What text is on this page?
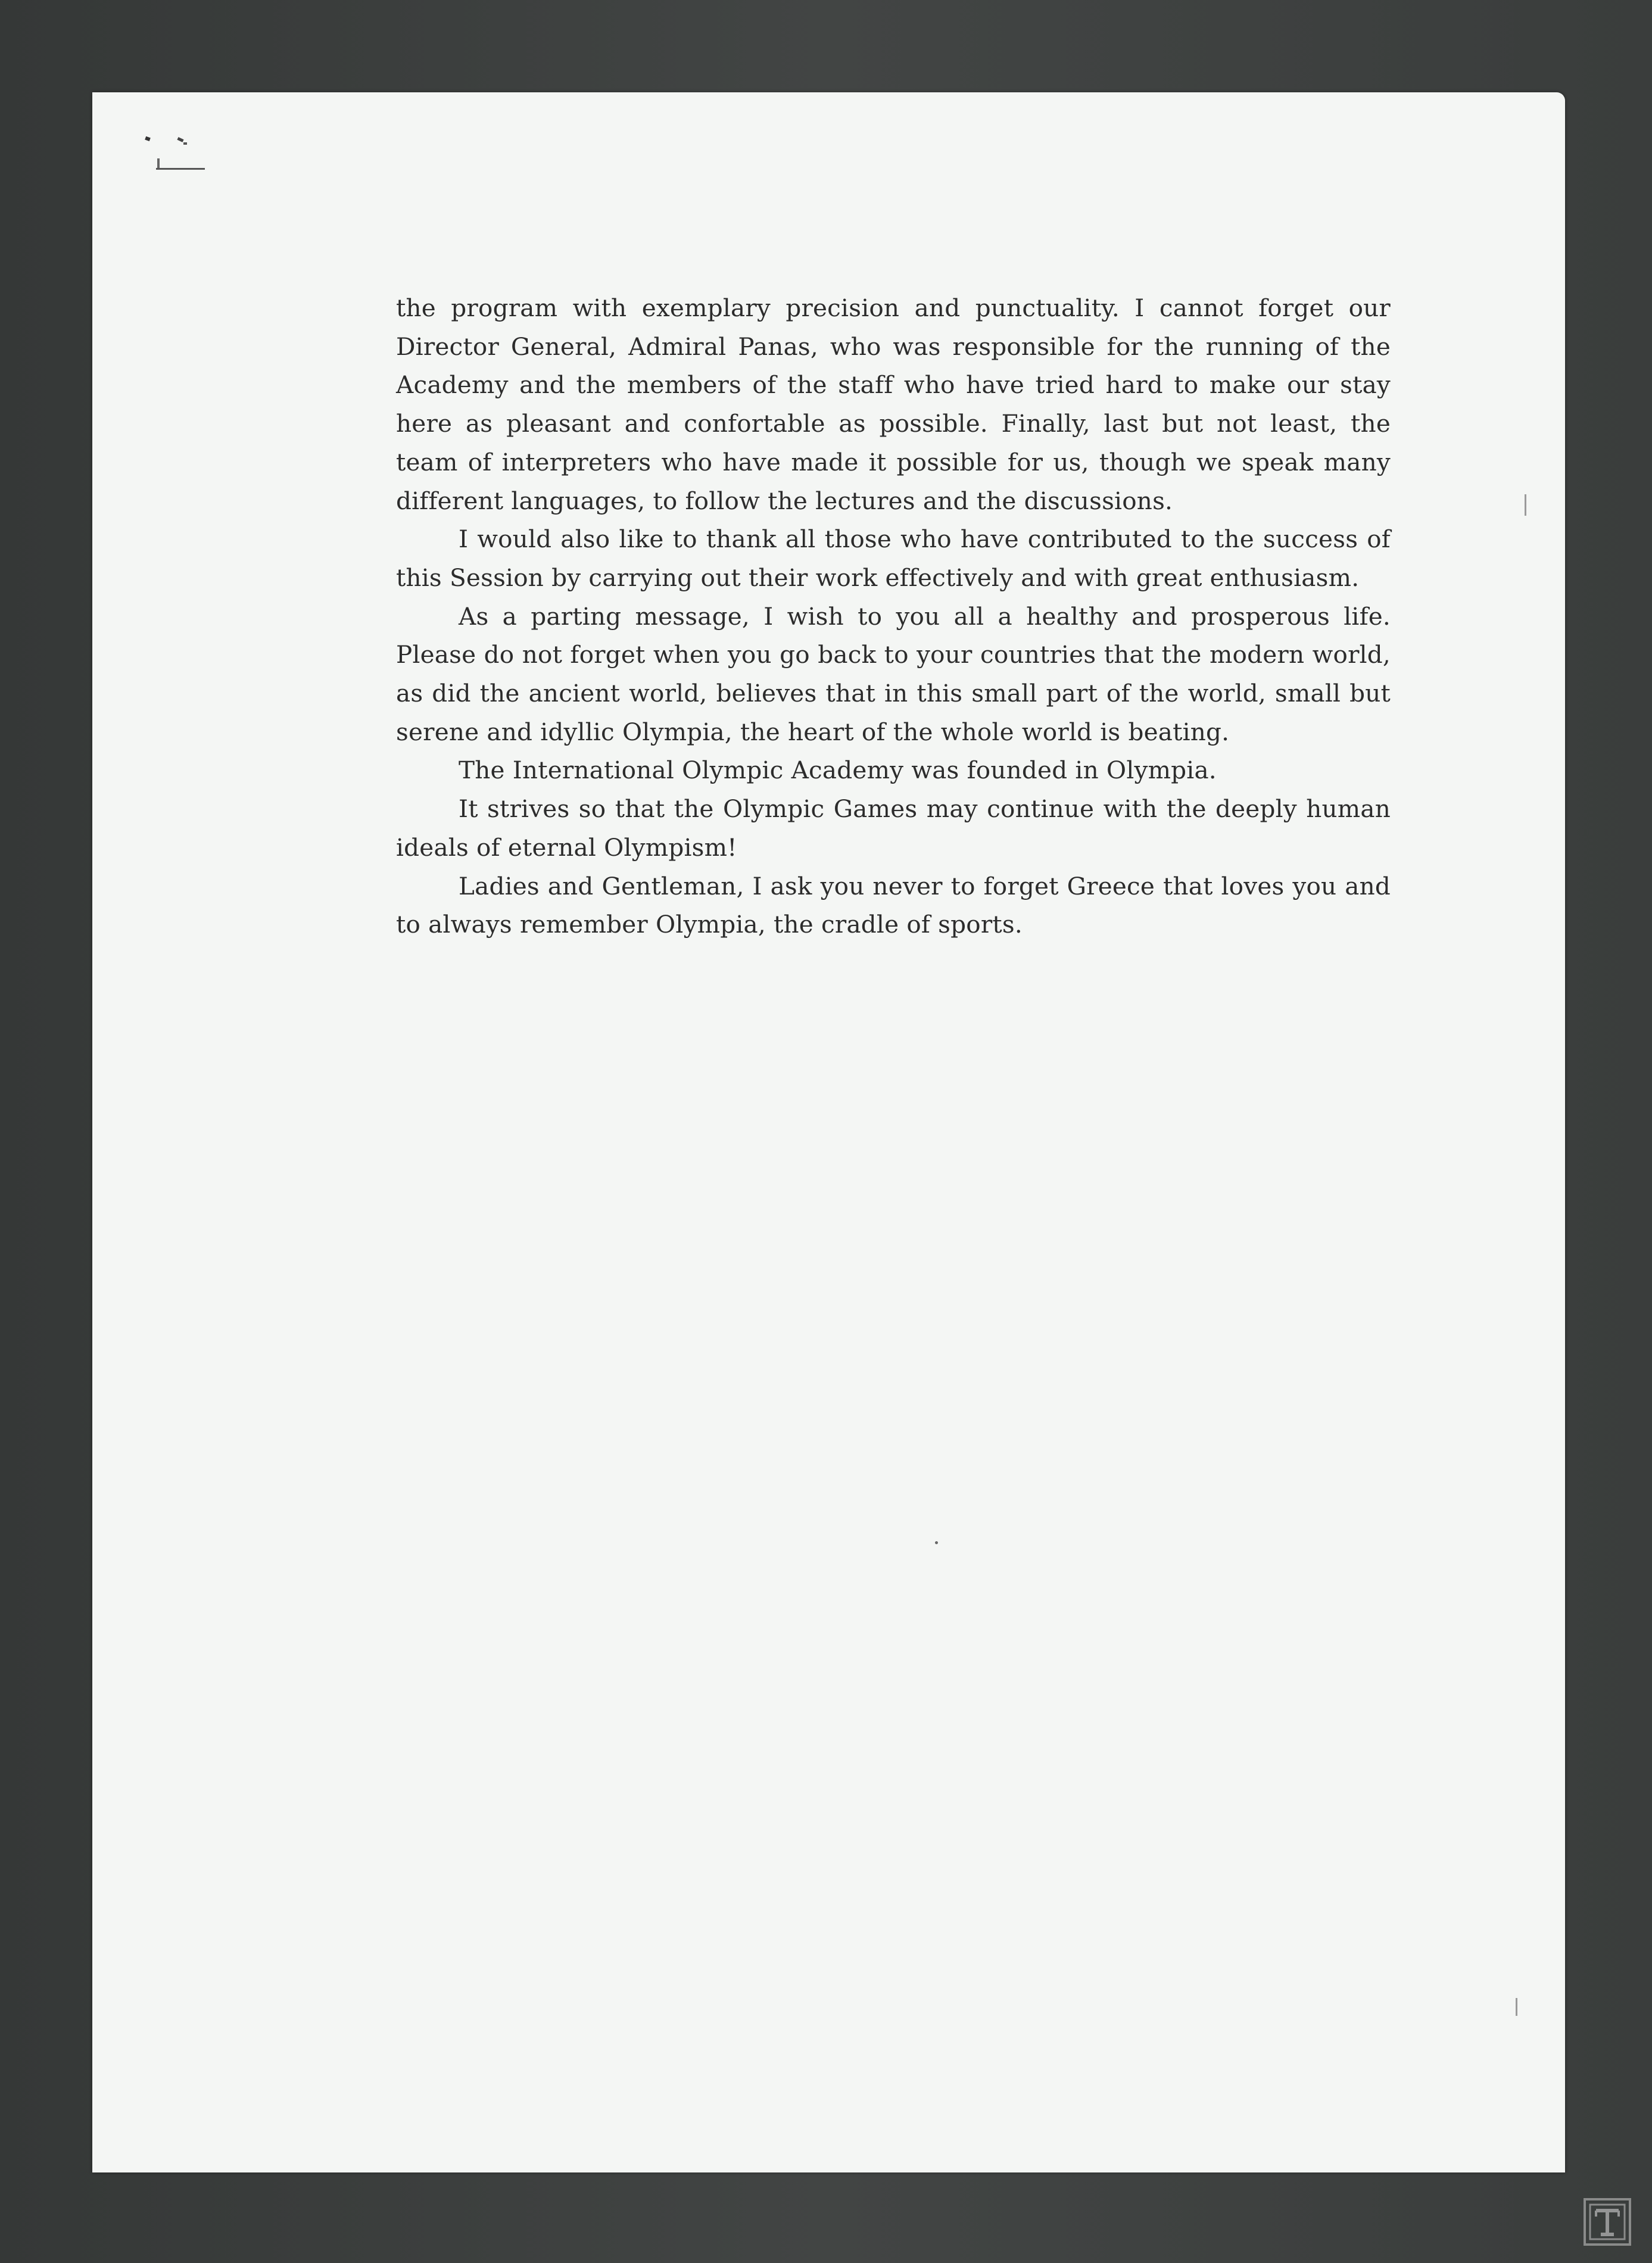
the program with exemplary precision and punctuality. I cannot forget our Director General, Admiral Panas, who was responsible for the running of the Academy and the members of the staff who have tried hard to make our stay here as pleasant and confortable as possible. Finally, last but not least, the team of interpreters who have made it possible for us, though we speak many different languages, to follow the lectures and the discussions.

I would also like to thank all those who have contributed to the success of this Session by carrying out their work effectively and with great enthusiasm.

As a parting message, I wish to you all a healthy and prosperous life. Please do not forget when you go back to your countries that the modern world, as did the ancient world, believes that in this small part of the world, small but serene and idyllic Olympia, the heart of the whole world is beating.

The International Olympic Academy was founded in Olympia.

It strives so that the Olympic Games may continue with the deeply human ideals of eternal Olympism!

Ladies and Gentleman, I ask you never to forget Greece that loves you and to always remember Olympia, the cradle of sports.
